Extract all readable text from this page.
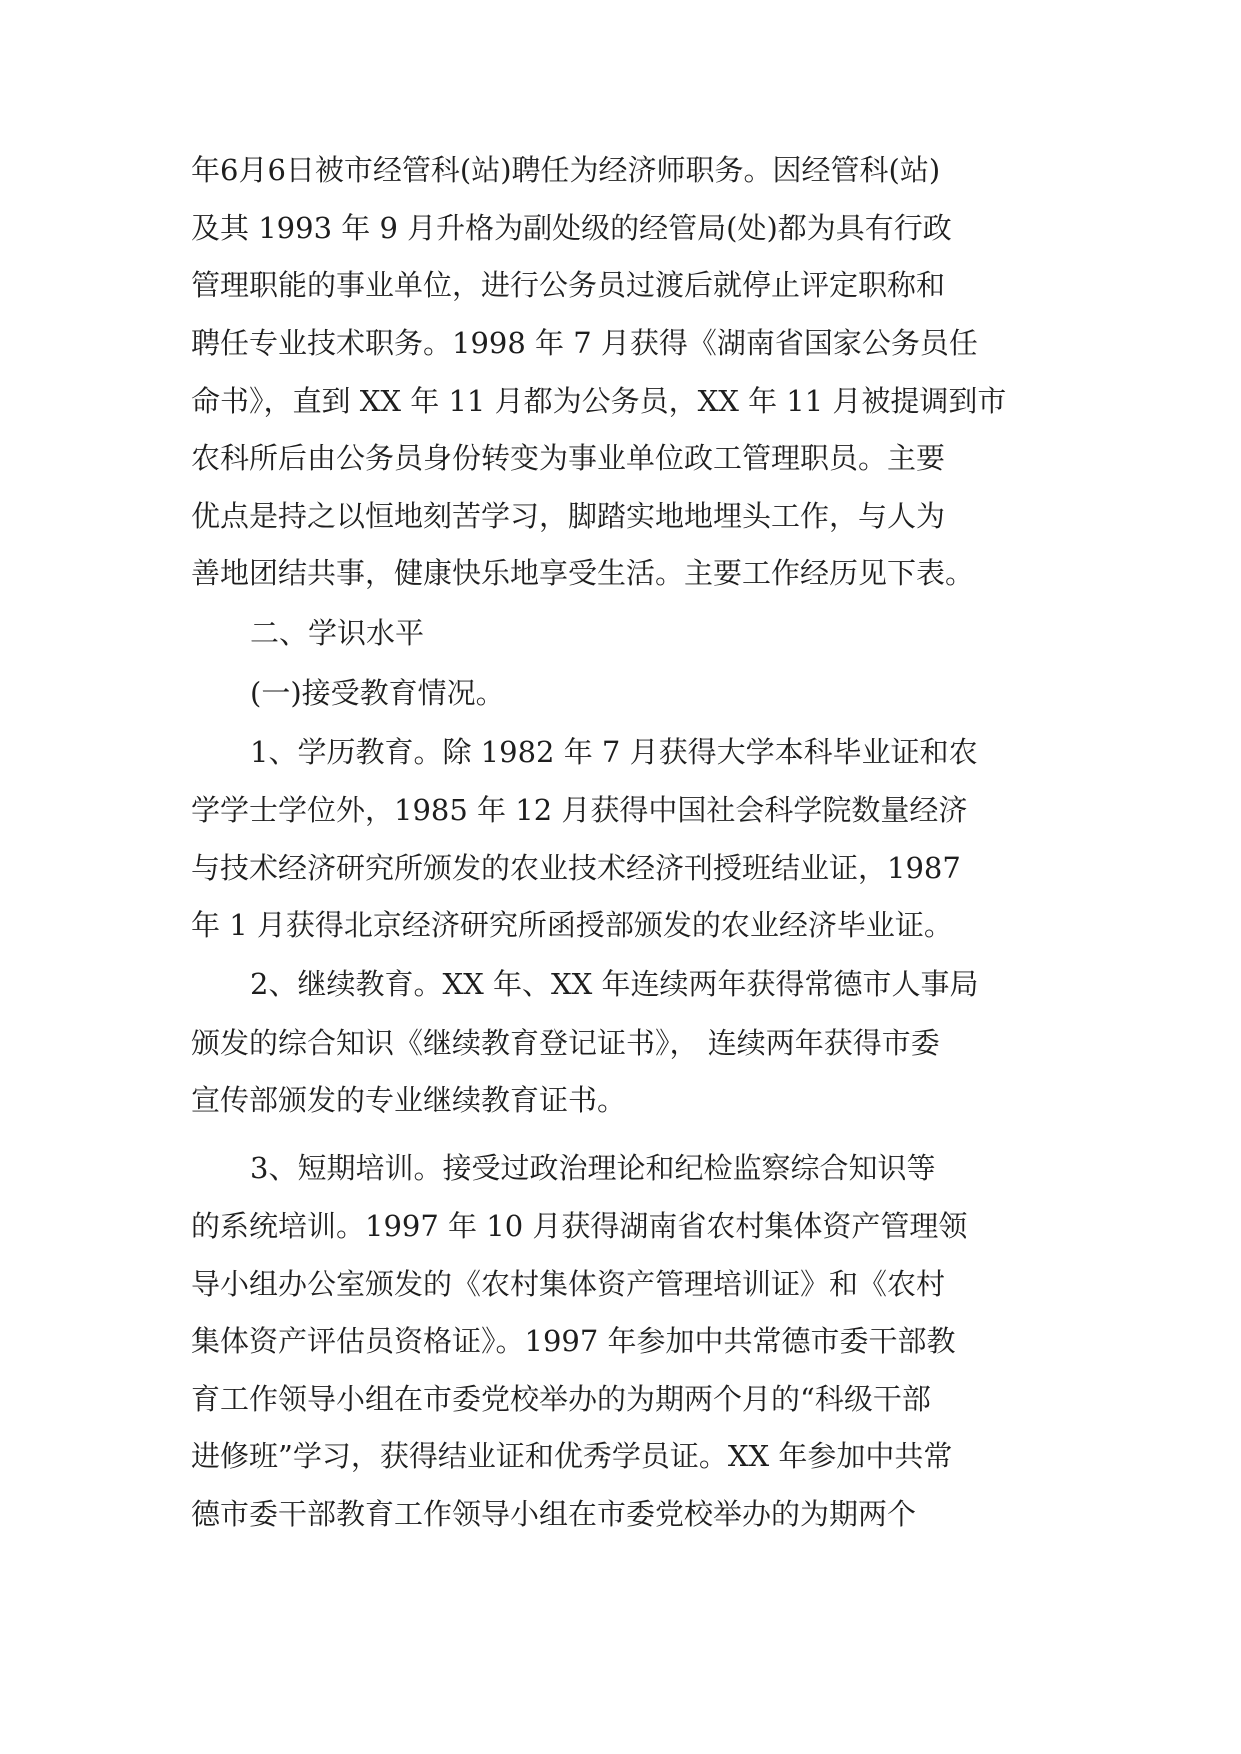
年6月6日被市经管科(站)聘任为经济师职务。因经管科(站)
及其 1993 年 9 月升格为副处级的经管局(处)都为具有行政
管理职能的事业单位，进行公务员过渡后就停止评定职称和
聘任专业技术职务。1998 年 7 月获得《湖南省国家公务员任
命书》，直到 XX 年 11 月都为公务员，XX 年 11 月被提调到市
农科所后由公务员身份转变为事业单位政工管理职员。主要
优点是持之以恒地刻苦学习，脚踏实地地埋头工作，与人为
善地团结共事，健康快乐地享受生活。主要工作经历见下表。
二、学识水平
(一)接受教育情况。
1、学历教育。除 1982 年 7 月获得大学本科毕业证和农
学学士学位外，1985 年 12 月获得中国社会科学院数量经济
与技术经济研究所颁发的农业技术经济刊授班结业证，1987
年 1 月获得北京经济研究所函授部颁发的农业经济毕业证。
2、继续教育。XX 年、XX 年连续两年获得常德市人事局
颁发的综合知识《继续教育登记证书》， 连续两年获得市委
宣传部颁发的专业继续教育证书。
3、短期培训。接受过政治理论和纪检监察综合知识等
的系统培训。1997 年 10 月获得湖南省农村集体资产管理领
导小组办公室颁发的《农村集体资产管理培训证》和《农村
集体资产评估员资格证》。1997 年参加中共常德市委干部教
育工作领导小组在市委党校举办的为期两个月的“科级干部
进修班”学习，获得结业证和优秀学员证。XX 年参加中共常
德市委干部教育工作领导小组在市委党校举办的为期两个
